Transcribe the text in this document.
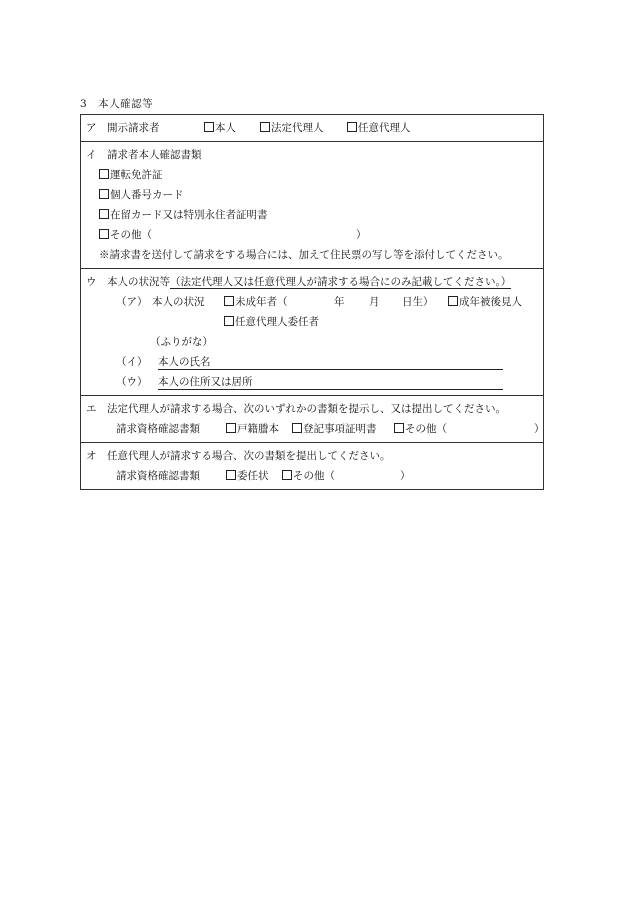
3　本人確認等
ア　開示請求者	本人	法定代理人	任意代理人
イ　請求者本人確認書類
運転免許証
個人番号カード
在留カード又は特別永住者証明書
その他（	）
※請求書を送付して請求をする場合には、加えて住民票の写し等を添付してください。
ウ　本人の状況等（法定代理人又は任意代理人が請求する場合にのみ記載してください。）
（ア） 本人の状況	未成年者（	年 月 日生）	成年被後見人
任意代理人委任者
（ふりがな）
（イ） 本人の氏名
（ウ） 本人の住所又は居所
エ　法定代理人が請求する場合、次のいずれかの書類を提示し、又は提出してください。
請求資格確認書類	戸籍謄本	登記事項証明書	その他（	）
オ　任意代理人が請求する場合、次の書類を提出してください。
請求資格確認書類	委任状	その他（	）
